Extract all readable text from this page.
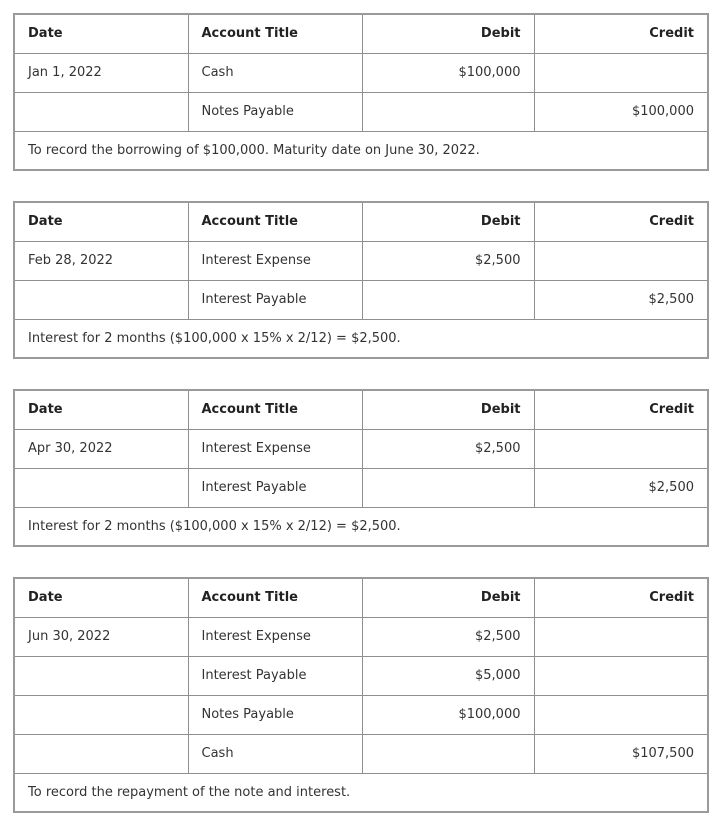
Date	Account Title	Debit	Credit
Jan 1, 2022	Cash	$100,000	
	Notes Payable		$100,000
To record the borrowing of $100,000. Maturity date on June 30, 2022.			
Date	Account Title	Debit	Credit
Feb 28, 2022	Interest Expense	$2,500	
	Interest Payable		$2,500
Interest for 2 months ($100,000 x 15% x 2/12) = $2,500.			
Date	Account Title	Debit	Credit
Apr 30, 2022	Interest Expense	$2,500	
	Interest Payable		$2,500
Interest for 2 months ($100,000 x 15% x 2/12) = $2,500.			
Date	Account Title	Debit	Credit
Jun 30, 2022	Interest Expense	$2,500	
	Interest Payable	$5,000	
	Notes Payable	$100,000	
	Cash		$107,500
To record the repayment of the note and interest.			
